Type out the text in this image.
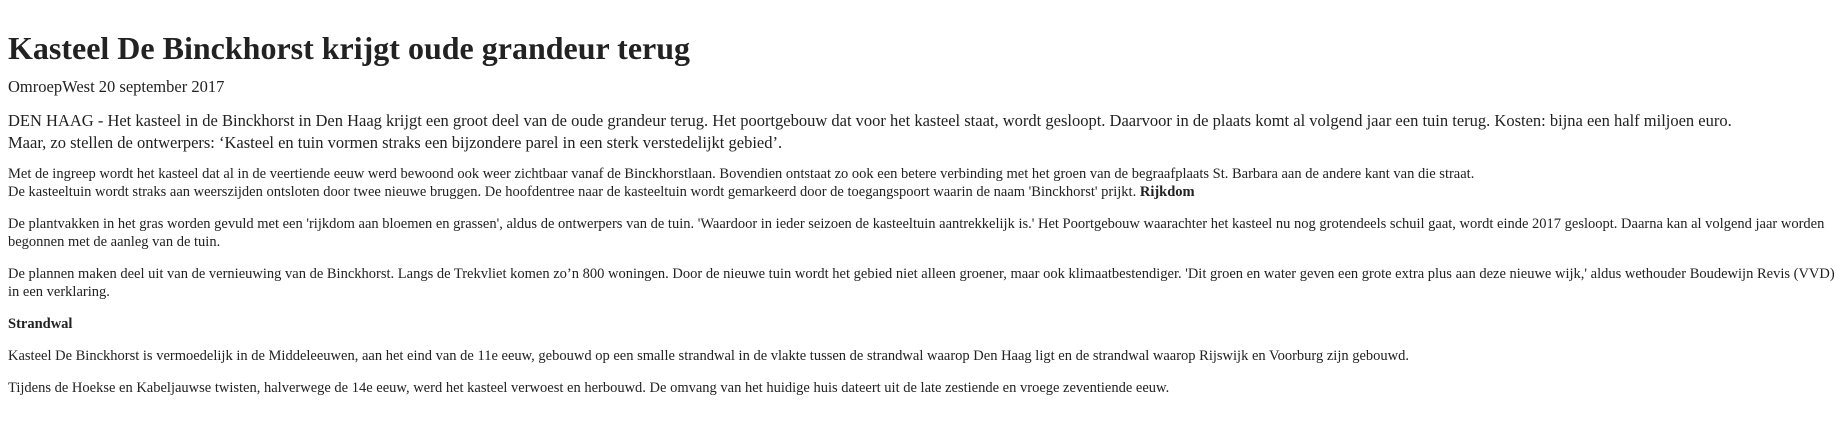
Kasteel De Binckhorst krijgt oude grandeur terug
OmroepWest 20 september 2017

DEN HAAG - Het kasteel in de Binckhorst in Den Haag krijgt een groot deel van de oude grandeur terug. Het poortgebouw dat voor het kasteel staat, wordt gesloopt. Daarvoor in de plaats komt al volgend jaar een tuin terug. Kosten: bijna een half miljoen euro.
Maar, zo stellen de ontwerpers: ‘Kasteel en tuin vormen straks een bijzondere parel in een sterk verstedelijkt gebied’.

Met de ingreep wordt het kasteel dat al in de veertiende eeuw werd bewoond ook weer zichtbaar vanaf de Binckhorstlaan. Bovendien ontstaat zo ook een betere verbinding met het groen van de begraafplaats St. Barbara aan de andere kant van die straat.
De kasteeltuin wordt straks aan weerszijden ontsloten door twee nieuwe bruggen. De hoofdentree naar de kasteeltuin wordt gemarkeerd door de toegangspoort waarin de naam 'Binckhorst' prijkt. Rijkdom

De plantvakken in het gras worden gevuld met een 'rijkdom aan bloemen en grassen', aldus de ontwerpers van de tuin. 'Waardoor in ieder seizoen de kasteeltuin aantrekkelijk is.' Het Poortgebouw waarachter het kasteel nu nog grotendeels schuil gaat, wordt einde 2017 gesloopt. Daarna kan al volgend jaar worden begonnen met de aanleg van de tuin.

De plannen maken deel uit van de vernieuwing van de Binckhorst. Langs de Trekvliet komen zo’n 800 woningen. Door de nieuwe tuin wordt het gebied niet alleen groener, maar ook klimaatbestendiger. 'Dit groen en water geven een grote extra plus aan deze nieuwe wijk,' aldus wethouder Boudewijn Revis (VVD) in een verklaring.

Strandwal

Kasteel De Binckhorst is vermoedelijk in de Middeleeuwen, aan het eind van de 11e eeuw, gebouwd op een smalle strandwal in de vlakte tussen de strandwal waarop Den Haag ligt en de strandwal waarop Rijswijk en Voorburg zijn gebouwd.

Tijdens de Hoekse en Kabeljauwse twisten, halverwege de 14e eeuw, werd het kasteel verwoest en herbouwd. De omvang van het huidige huis dateert uit de late zestiende en vroege zeventiende eeuw.
